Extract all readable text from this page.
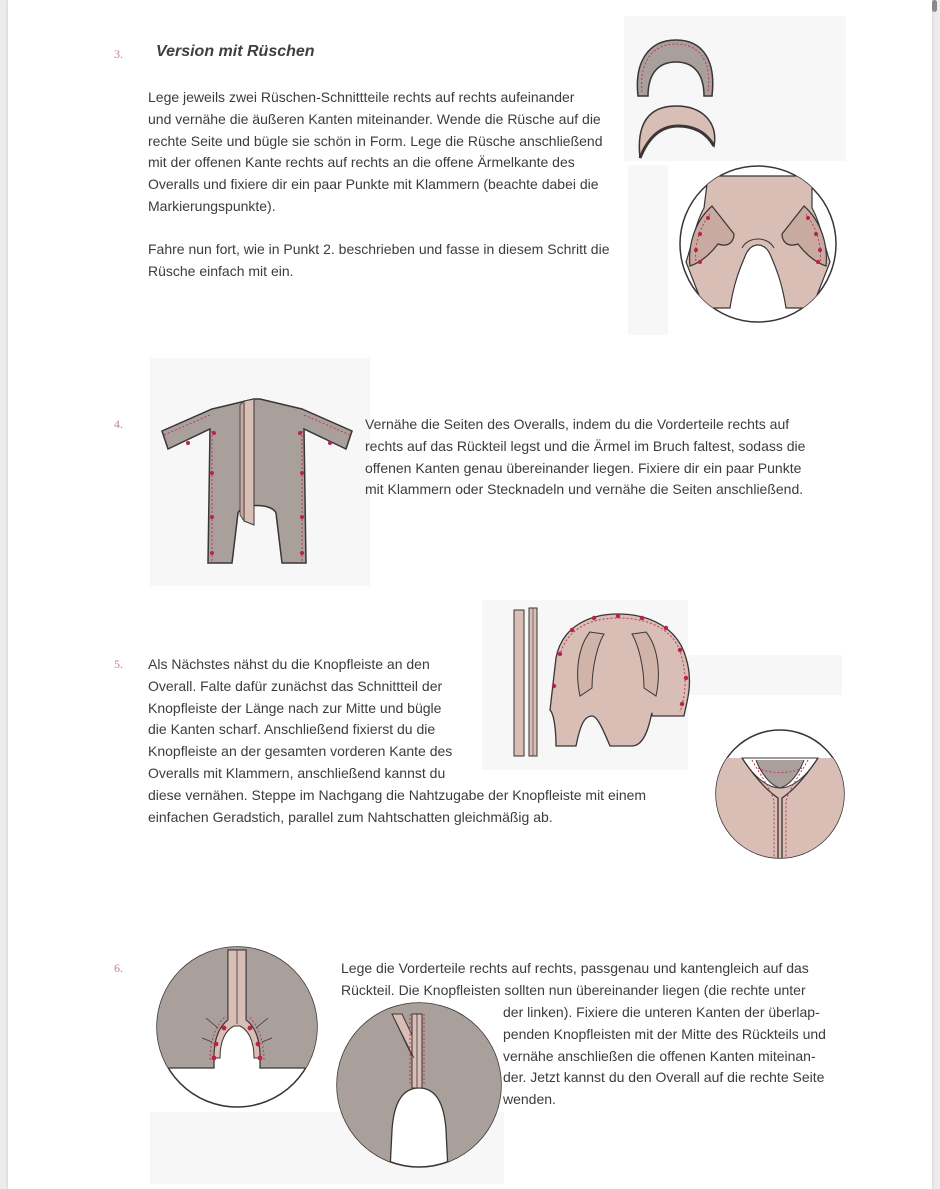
3. Version mit Rüschen
Lege jeweils zwei Rüschen-Schnittteile rechts auf rechts aufeinander
und vernähe die äußeren Kanten miteinander. Wende die Rüsche auf die
rechte Seite und bügle sie schön in Form. Lege die Rüsche anschließend
mit der offenen Kante rechts auf rechts an die offene Ärmelkante des
Overalls und fixiere dir ein paar Punkte mit Klammern (beachte dabei die
Markierungspunkte).
Fahre nun fort, wie in Punkt 2. beschrieben und fasse in diesem Schritt die
Rüsche einfach mit ein.
4.	Vernähe die Seiten des Overalls, indem du die Vorderteile rechts auf
rechts auf das Rückteil legst und die Ärmel im Bruch faltest, sodass die
offenen Kanten genau übereinander liegen. Fixiere dir ein paar Punkte
mit Klammern oder Stecknadeln und vernähe die Seiten anschließend.
5. Als Nächstes nähst du die Knopfleiste an den
Overall. Falte dafür zunächst das Schnittteil der
Knopfleiste der Länge nach zur Mitte und bügle
die Kanten scharf. Anschließend fixierst du die
Knopfleiste an der gesamten vorderen Kante des
Overalls mit Klammern, anschließend kannst du
diese vernähen. Steppe im Nachgang die Nahtzugabe der Knopfleiste mit einem
einfachen Geradstich, parallel zum Nahtschatten gleichmäßig ab.
6.	Lege die Vorderteile rechts auf rechts, passgenau und kantengleich auf das
Rückteil. Die Knopfleisten sollten nun übereinander liegen (die rechte unter
der linken). Fixiere die unteren Kanten der überlap-
penden Knopfleisten mit der Mitte des Rückteils und
vernähe anschließen die offenen Kanten miteinan-
der. Jetzt kannst du den Overall auf die rechte Seite
wenden.
